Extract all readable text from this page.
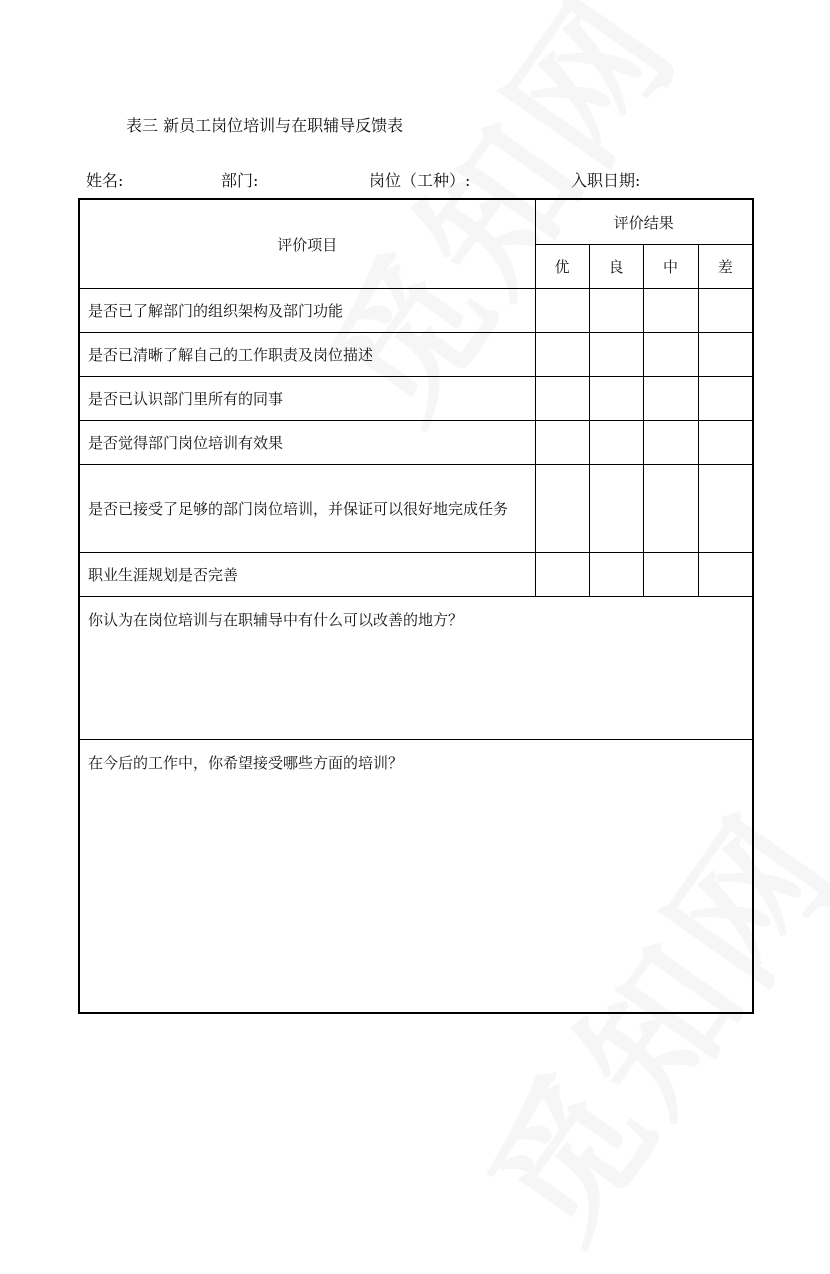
表三 新员工岗位培训与在职辅导反馈表
姓名:	部门:	岗位（工种）:	入职日期:
评价项目	评价结果			
	优	良	中	差
是否已了解部门的组织架构及部门功能				
是否已清晰了解自己的工作职责及岗位描述				
是否已认识部门里所有的同事				
是否觉得部门岗位培训有效果				
是否已接受了足够的部门岗位培训，并保证可以很好地完成任务				
职业生涯规划是否完善				
你认为在岗位培训与在职辅导中有什么可以改善的地方？				
在今后的工作中，你希望接受哪些方面的培训？				
